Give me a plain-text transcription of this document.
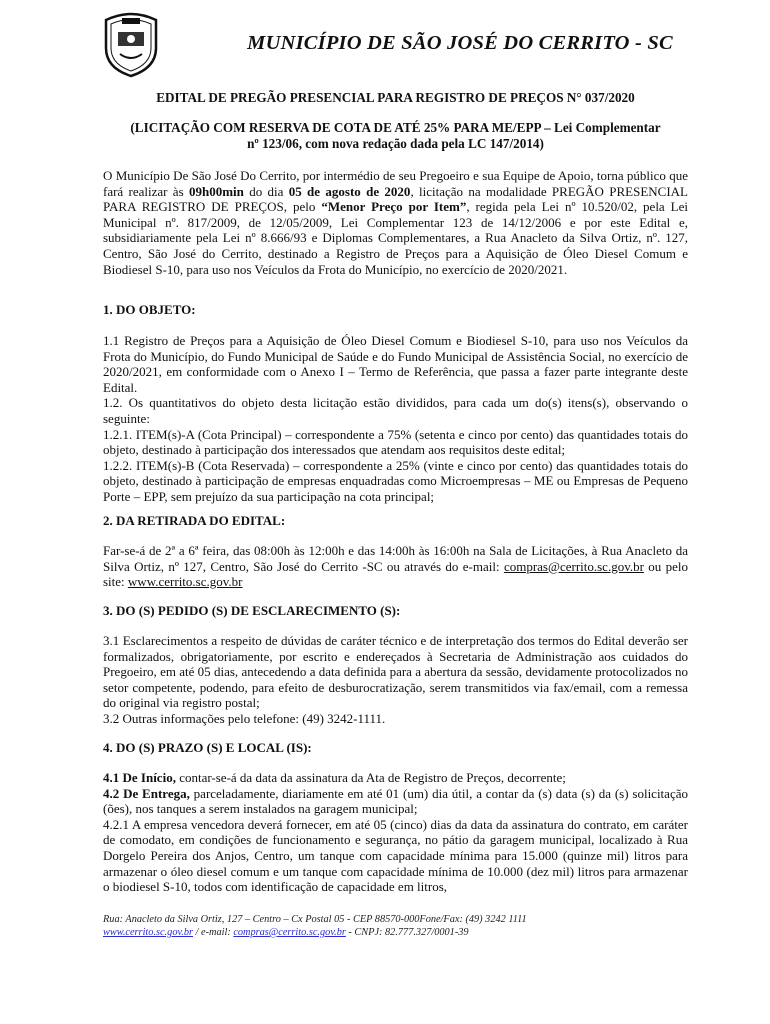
MUNICÍPIO DE SÃO JOSÉ DO CERRITO - SC
EDITAL DE PREGÃO PRESENCIAL PARA REGISTRO DE PREÇOS N° 037/2020
(LICITAÇÃO COM RESERVA DE COTA DE ATÉ 25% PARA ME/EPP – Lei Complementar
nº 123/06, com nova redação dada pela LC 147/2014)
O Município De São José Do Cerrito, por intermédio de seu Pregoeiro e sua Equipe de Apoio, torna público que fará realizar às 09h00min do dia 05 de agosto de 2020, licitação na modalidade PREGÃO PRESENCIAL PARA REGISTRO DE PREÇOS, pelo “Menor Preço por Item”, regida pela Lei nº 10.520/02, pela Lei Municipal nº. 817/2009, de 12/05/2009, Lei Complementar 123 de 14/12/2006 e por este Edital e, subsidiariamente pela Lei nº 8.666/93 e Diplomas Complementares, a Rua Anacleto da Silva Ortiz, nº. 127, Centro, São José do Cerrito, destinado a Registro de Preços para a Aquisição de Óleo Diesel Comum e Biodiesel S-10, para uso nos Veículos da Frota do Município, no exercício de 2020/2021.
1. DO OBJETO:

1.1 Registro de Preços para a Aquisição de Óleo Diesel Comum e Biodiesel S-10, para uso nos Veículos da Frota do Município, do Fundo Municipal de Saúde e do Fundo Municipal de Assistência Social, no exercício de 2020/2021, em conformidade com o Anexo I – Termo de Referência, que passa a fazer parte integrante deste Edital.

1.2. Os quantitativos do objeto desta licitação estão divididos, para cada um do(s) itens(s), observando o seguinte:

1.2.1. ITEM(s)-A (Cota Principal) – correspondente a 75% (setenta e cinco por cento) das quantidades totais do objeto, destinado à participação dos interessados que atendam aos requisitos deste edital;

1.2.2. ITEM(s)-B (Cota Reservada) – correspondente a 25% (vinte e cinco por cento) das quantidades totais do objeto, destinado à participação de empresas enquadradas como Microempresas – ME ou Empresas de Pequeno Porte – EPP, sem prejuízo da sua participação na cota principal;

2. DA RETIRADA DO EDITAL:
Far-se-á de 2ª a 6ª feira, das 08:00h às 12:00h e das 14:00h às 16:00h na Sala de Licitações, à Rua Anacleto da Silva Ortiz, nº 127, Centro, São José do Cerrito -SC ou através do e-mail: compras@cerrito.sc.gov.br ou pelo site: www.cerrito.sc.gov.br
3. DO (S) PEDIDO (S) DE ESCLARECIMENTO (S):

3.1 Esclarecimentos a respeito de dúvidas de caráter técnico e de interpretação dos termos do Edital deverão ser formalizados, obrigatoriamente, por escrito e endereçados à Secretaria de Administração aos cuidados do Pregoeiro, em até 05 dias, antecedendo a data definida para a abertura da sessão, devidamente protocolizados no setor competente, podendo, para efeito de desburocratização, serem transmitidos via fax/email, com a remessa do original via registro postal;

3.2 Outras informações pelo telefone: (49) 3242-1111.

4. DO (S) PRAZO (S) E LOCAL (IS):

4.1 De Início, contar-se-á da data da assinatura da Ata de Registro de Preços, decorrente;

4.2 De Entrega, parceladamente, diariamente em até 01 (um) dia útil, a contar da (s) data (s) da (s) solicitação (ões), nos tanques a serem instalados na garagem municipal;

4.2.1 A empresa vencedora deverá fornecer, em até 05 (cinco) dias da data da assinatura do contrato, em caráter de comodato, em condições de funcionamento e segurança, no pátio da garagem municipal, localizado à Rua Dorgelo Pereira dos Anjos, Centro, um tanque com capacidade mínima para 15.000 (quinze mil) litros para armazenar o óleo diesel comum e um tanque com capacidade mínima de 10.000 (dez mil) litros para armazenar o biodiesel S-10, todos com identificação de capacidade em litros,

Rua: Anacleto da Silva Ortiz, 127 – Centro – Cx Postal 05 - CEP 88570-000Fone/Fax: (49) 3242 1111
www.cerrito.sc.gov.br / e-mail: compras@cerrito.sc.gov.br - CNPJ: 82.777.327/0001-39
